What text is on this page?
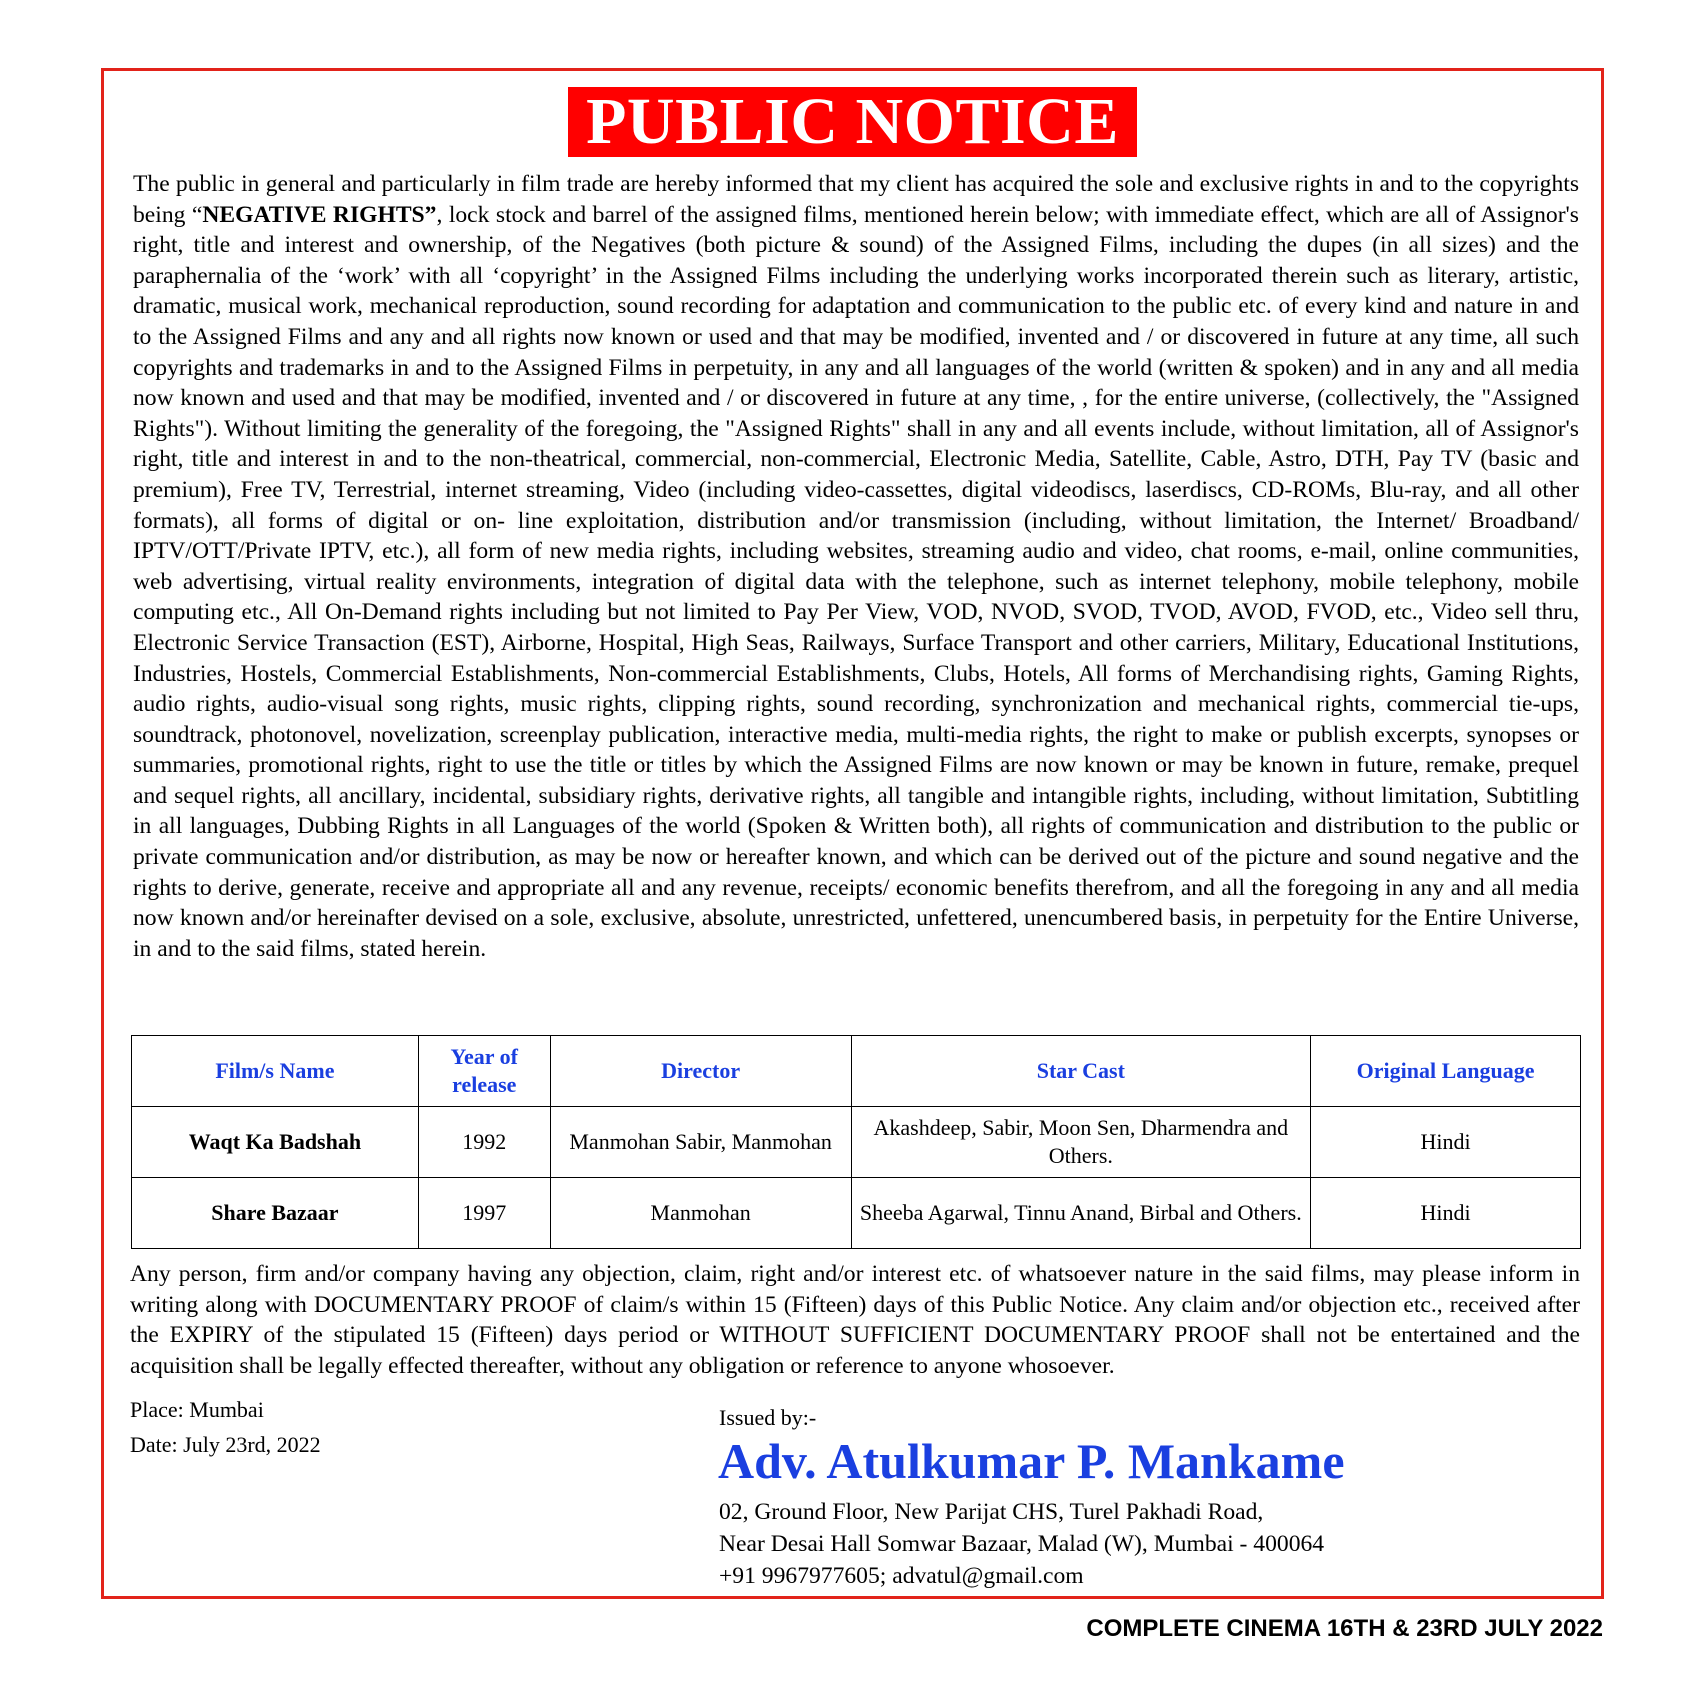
PUBLIC NOTICE

The public in general and particularly in film trade are hereby informed that my client has acquired the sole and exclusive rights in and to the copyrights being “NEGATIVE RIGHTS”, lock stock and barrel of the assigned films, mentioned herein below; with immediate effect, which are all of Assignor's right, title and interest and ownership, of the Negatives (both picture & sound) of the Assigned Films, including the dupes (in all sizes) and the paraphernalia of the ‘work’ with all ‘copyright’ in the Assigned Films including the underlying works incorporated therein such as literary, artistic, dramatic, musical work, mechanical reproduction, sound recording for adaptation and communication to the public etc. of every kind and nature in and to the Assigned Films and any and all rights now known or used and that may be modified, invented and / or discovered in future at any time, all such copyrights and trademarks in and to the Assigned Films in perpetuity, in any and all languages of the world (written & spoken) and in any and all media now known and used and that may be modified, invented and / or discovered in future at any time, , for the entire universe, (collectively, the "Assigned Rights"). Without limiting the generality of the foregoing, the "Assigned Rights" shall in any and all events include, without limitation, all of Assignor's right, title and interest in and to the non-theatrical, commercial, non-commercial, Electronic Media, Satellite, Cable, Astro, DTH, Pay TV (basic and premium), Free TV, Terrestrial, internet streaming, Video (including video-cassettes, digital videodiscs, laserdiscs, CD-ROMs, Blu-ray, and all other formats), all forms of digital or on- line exploitation, distribution and/or transmission (including, without limitation, the Internet/ Broadband/ IPTV/OTT/Private IPTV, etc.), all form of new media rights, including websites, streaming audio and video, chat rooms, e-mail, online communities, web advertising, virtual reality environments, integration of digital data with the telephone, such as internet telephony, mobile telephony, mobile computing etc., All On-Demand rights including but not limited to Pay Per View, VOD, NVOD, SVOD, TVOD, AVOD, FVOD, etc., Video sell thru, Electronic Service Transaction (EST), Airborne, Hospital, High Seas, Railways, Surface Transport and other carriers, Military, Educational Institutions, Industries, Hostels, Commercial Establishments, Non-commercial Establishments, Clubs, Hotels, All forms of Merchandising rights, Gaming Rights, audio rights, audio-visual song rights, music rights, clipping rights, sound recording, synchronization and mechanical rights, commercial tie-ups, soundtrack, photonovel, novelization, screenplay publication, interactive media, multi-media rights, the right to make or publish excerpts, synopses or summaries, promotional rights, right to use the title or titles by which the Assigned Films are now known or may be known in future, remake, prequel and sequel rights, all ancillary, incidental, subsidiary rights, derivative rights, all tangible and intangible rights, including, without limitation, Subtitling in all languages, Dubbing Rights in all Languages of the world (Spoken & Written both), all rights of communication and distribution to the public or private communication and/or distribution, as may be now or hereafter known, and which can be derived out of the picture and sound negative and the rights to derive, generate, receive and appropriate all and any revenue, receipts/ economic benefits therefrom, and all the foregoing in any and all media now known and/or hereinafter devised on a sole, exclusive, absolute, unrestricted, unfettered, unencumbered basis, in perpetuity for the Entire Universe, in and to the said films, stated herein.

Film/s Name	Year of release	Director	Star Cast	Original Language
Waqt Ka Badshah	1992	Manmohan Sabir, Manmohan	Akashdeep, Sabir, Moon Sen, Dharmendra and Others.	Hindi
Share Bazaar	1997	Manmohan	Sheeba Agarwal, Tinnu Anand, Birbal and Others.	Hindi

Any person, firm and/or company having any objection, claim, right and/or interest etc. of whatsoever nature in the said films, may please inform in writing along with DOCUMENTARY PROOF of claim/s within 15 (Fifteen) days of this Public Notice. Any claim and/or objection etc., received after the EXPIRY of the stipulated 15 (Fifteen) days period or WITHOUT SUFFICIENT DOCUMENTARY PROOF shall not be entertained and the acquisition shall be legally effected thereafter, without any obligation or reference to anyone whosoever.

Place: Mumbai
Date: July 23rd, 2022
Issued by:-
Adv. Atulkumar P. Mankame
02, Ground Floor, New Parijat CHS, Turel Pakhadi Road,
Near Desai Hall Somwar Bazaar, Malad (W), Mumbai - 400064
+91 9967977605; advatul@gmail.com
COMPLETE CINEMA 16TH & 23RD JULY 2022
